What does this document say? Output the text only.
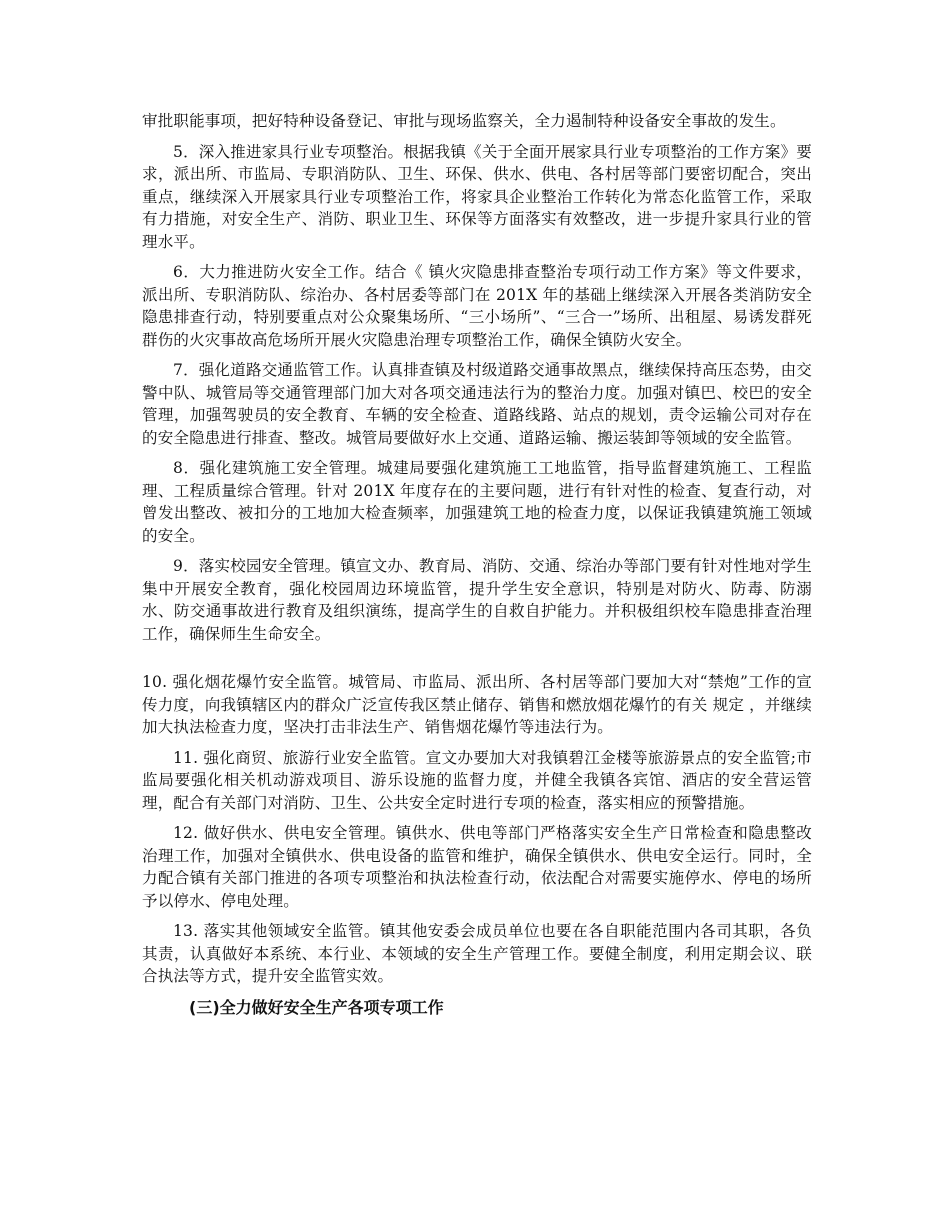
审批职能事项，把好特种设备登记、审批与现场监察关，全力遏制特种设备安全事故的发生。

5．深入推进家具行业专项整治。根据我镇《关于全面开展家具行业专项整治的工作方案》要求，派出所、市监局、专职消防队、卫生、环保、供水、供电、各村居等部门要密切配合，突出重点，继续深入开展家具行业专项整治工作，将家具企业整治工作转化为常态化监管工作，采取有力措施，对安全生产、消防、职业卫生、环保等方面落实有效整改，进一步提升家具行业的管理水平。

6．大力推进防火安全工作。结合《 镇火灾隐患排查整治专项行动工作方案》等文件要求，派出所、专职消防队、综治办、各村居委等部门在 201X 年的基础上继续深入开展各类消防安全隐患排查行动，特别要重点对公众聚集场所、“三小场所”、“三合一”场所、出租屋、易诱发群死群伤的火灾事故高危场所开展火灾隐患治理专项整治工作，确保全镇防火安全。

7．强化道路交通监管工作。认真排查镇及村级道路交通事故黑点，继续保持高压态势，由交警中队、城管局等交通管理部门加大对各项交通违法行为的整治力度。加强对镇巴、校巴的安全管理，加强驾驶员的安全教育、车辆的安全检查、道路线路、站点的规划，责令运输公司对存在的安全隐患进行排查、整改。城管局要做好水上交通、道路运输、搬运装卸等领域的安全监管。

8．强化建筑施工安全管理。城建局要强化建筑施工工地监管，指导监督建筑施工、工程监理、工程质量综合管理。针对 201X 年度存在的主要问题，进行有针对性的检查、复查行动，对曾发出整改、被扣分的工地加大检查频率，加强建筑工地的检查力度，以保证我镇建筑施工领域的安全。

9．落实校园安全管理。镇宣文办、教育局、消防、交通、综治办等部门要有针对性地对学生集中开展安全教育，强化校园周边环境监管，提升学生安全意识，特别是对防火、防毒、防溺水、防交通事故进行教育及组织演练，提高学生的自救自护能力。并积极组织校车隐患排查治理工作，确保师生生命安全。

10. 强化烟花爆竹安全监管。城管局、市监局、派出所、各村居等部门要加大对“禁炮”工作的宣传力度，向我镇辖区内的群众广泛宣传我区禁止储存、销售和燃放烟花爆竹的有关 规定 ，并继续加大执法检查力度，坚决打击非法生产、销售烟花爆竹等违法行为。

11. 强化商贸、旅游行业安全监管。宣文办要加大对我镇碧江金楼等旅游景点的安全监管;市监局要强化相关机动游戏项目、游乐设施的监督力度，并健全我镇各宾馆、酒店的安全营运管理，配合有关部门对消防、卫生、公共安全定时进行专项的检查，落实相应的预警措施。

12. 做好供水、供电安全管理。镇供水、供电等部门严格落实安全生产日常检查和隐患整改治理工作，加强对全镇供水、供电设备的监管和维护，确保全镇供水、供电安全运行。同时，全力配合镇有关部门推进的各项专项整治和执法检查行动，依法配合对需要实施停水、停电的场所予以停水、停电处理。

13. 落实其他领域安全监管。镇其他安委会成员单位也要在各自职能范围内各司其职，各负其责，认真做好本系统、本行业、本领域的安全生产管理工作。要健全制度，利用定期会议、联合执法等方式，提升安全监管实效。

(三)全力做好安全生产各项专项工作
